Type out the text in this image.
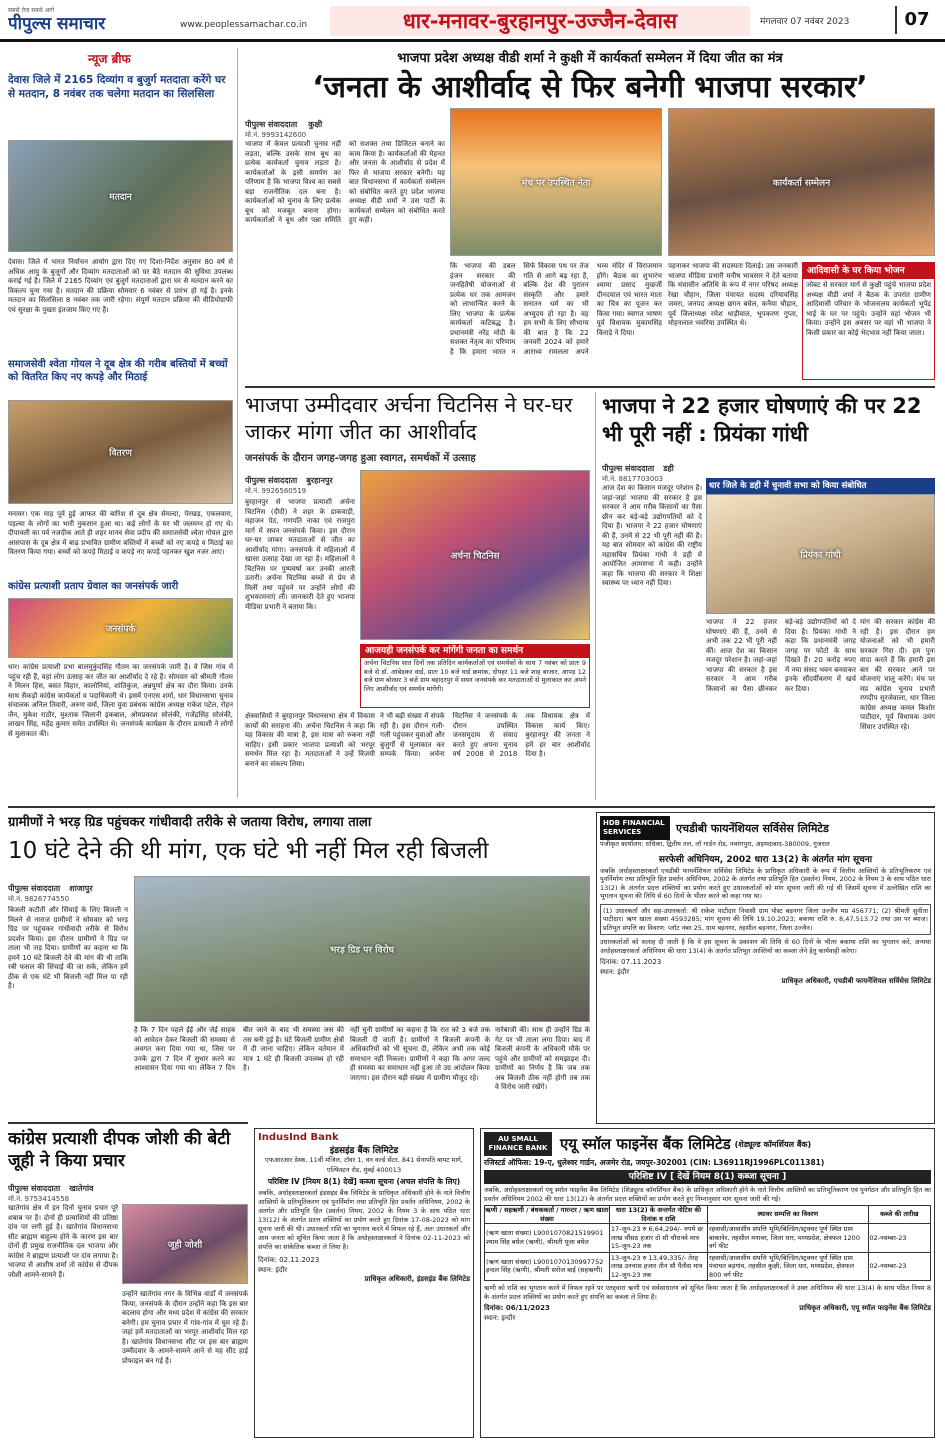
सबसे तेज सबसे आगे
पीपुल्स समाचार	www.peoplessamachar.co.in	धार-मनावर-बुरहानपुर-उज्जैन-देवास	मंगलवार 07 नवंबर 2023	07
न्यूज ब्रीफ
देवास जिले में 2165 दिव्यांग व बुजुर्ग मतदाता करेंगे घर से मतदान, 8 नवंबर तक चलेगा मतदान का सिलसिला
मतदान
देवास। जिले में भारत निर्वाचन आयोग द्वारा दिए गए दिशा-निर्देश अनुसार 80 वर्ष से अधिक आयु के बुजुर्गों और दिव्यांग मतदाताओं को घर बैठे मतदान की सुविधा उपलब्ध कराई गई है। जिले में 2165 दिव्यांग एवं बुजुर्ग मतदाताओं द्वारा घर से मतदान करने का विकल्प चुना गया है। मतदान की प्रक्रिया सोमवार 6 नवंबर से प्रारंभ हो गई है। इनके मतदान का सिलसिला 8 नवंबर तक जारी रहेगा। संपूर्ण मतदान प्रक्रिया की वीडियोग्राफी एवं सुरक्षा के पुख्ता इंतजाम किए गए हैं।
समाजसेवी श्वेता गोयल ने दूब क्षेत्र की गरीब बस्तियों में बच्चों को वितरित किए नए कपड़े और मिठाई
वितरण
मनावर। एक माह पूर्व हुई आफत की बारिश से दूब क्षेत्र सेमल्दा, पेरखड़, एकलवारा, पड़ल्या के लोगों का भारी नुकसान हुआ था। कई लोगों के घर भी जलमग्न हो गए थे। दीपावली का पर्व नजदीक आते ही शहर मानव सेवा प्रदीप की समाजसेवी श्वेता गोयल द्वारा आसपास के दूब क्षेत्र में बाढ़ प्रभावित ग्रामीण बस्तियों में बच्चों को नए कपड़े व मिठाई का वितरण किया गया। बच्चों को कपड़े मिठाई व कपड़े नए कपड़े पहनकर खुश नजर आए।
कांग्रेस प्रत्याशी प्रताप ग्रेवाल का जनसंपर्क जारी
जनसंपर्क
धार। कांग्रेस प्रत्याशी प्रभा बालमुकुंदसिंह गौतम का जनसंपर्क जारी है। वे जिस गांव में पहुंच रही हैं, वहां लोग उत्साह कर जीत का आशीर्वाद दे रहे हैं। सोमवार को श्रीमती गौतम ने मिलन हिस, बसंत विहार, कालोनियां, शांतिकुंज, अन्नपूर्णा क्षेत्र का दौरा किया। उनके साथ सैकड़ों कांग्रेस कार्यकर्ता व पदाधिकारी थे। इसमें एनएस शर्मा, धार विधानसभा चुनाव संचालक अनिल तिवारी, अरुण वर्मा, जिला युवा प्रबंधक कांग्रेस अध्यक्ष राकेश पटेल, रोहन जैन, मुकेश राठौर, मुश्ताक जिलानी इकबाल, ओमप्रकाश सोलंकी, गजेंद्रसिंह सोलंकी, लाखन सिंह, महेंद्र कुमार समेत उपस्थित थे। जनसंपर्क कार्यक्रम के दौरान प्रत्याशी ने लोगों से मुलाकात की।
भाजपा प्रदेश अध्यक्ष वीडी शर्मा ने कुक्षी में कार्यकर्ता सम्मेलन में दिया जीत का मंत्र
‘जनता के आशीर्वाद से फिर बनेगी भाजपा सरकार’
पीपुल्स संवाददाता कुक्षी
मो.नं. 9993142600
भाजपा में केवल प्रत्याशी चुनाव नहीं लड़ता, बल्कि उसके साथ बूथ का प्रत्येक कार्यकर्ता चुनाव लड़ता है। कार्यकर्ताओं के इसी समर्पण का परिणाम है कि भाजपा विश्व का सबसे बड़ा राजनीतिक दल बना है। कार्यकर्ताओं को चुनाव के लिए प्रत्येक बूथ को मजबूत बनाना होगा। कार्यकर्ताओं ने बूथ और पन्ना समिति को सशक्त तथा डिजिटल बनाने का काम किया है। कार्यकर्ताओं की मेहनत और जनता के आशीर्वाद से प्रदेश में फिर से भाजपा सरकार बनेगी। यह बात विधानसभा में कार्यकर्ता सम्मेलन को संबोधित करते हुए प्रदेश भाजपा अध्यक्ष वीडी शर्मा ने उस पार्टी के कार्यकर्ता सम्मेलन को संबोधित करते हुए कही।
मंच पर उपस्थित नेता	कार्यकर्ता सम्मेलन
कि भाजपा की डबल इंजन सरकार की जनहितैषी योजनाओं से प्रत्येक घर तक आमजन को लाभान्वित करने के लिए भाजपा के प्रत्येक कार्यकर्ता कटिबद्ध है। प्रधानमंत्री नरेंद्र मोदी के सशक्त नेतृत्व का परिणाम है कि हमारा भारत न सिर्फ विकास पथ पर तेज गति से आगे बढ़ रहा है, बल्कि देश की पुरातन संस्कृति और हमारे सनातन धर्म का भी अभ्युदय हो रहा है। वह हम सभी के लिए सौभाग्य की बात है कि 22 जनवरी 2024 को हमारे आराध्य रामलला अपने भव्य मंदिर में विराजमान होंगे। बैठक का शुभारंभ श्यामा प्रसाद मुखर्जी दीनदयाल एवं भारत माता का चित्र का पूजन कर किया गया। स्वागत भाषण पूर्व विधायक मुकामसिंह किराड़े ने दिया।
पहनाकर भाजपा की सदस्यता दिलाई। उस जनकारी भाजपा मीडिया प्रभारी मनीष भावसार ने देते बताया कि मंचासीन अतिथि के रूप में नगर परिषद अध्यक्ष रेखा चौहान, जिला पंचायत सदस्य दरियावसिंह जमरा, जनपद अध्यक्ष छगन बघेल, कनैया चौहान, पूर्व जिलाध्यक्ष रमेश धाड़ीवाल, भूपकरण गुप्ता, मोहनलाल भवरिया उपस्थित थे।
आदिवासी के घर किया भोजन
जोबट से सरकार मार्ग से कुक्षी पहुंचे भाजपा प्रदेश अध्यक्ष वीडी शर्मा ने बैठक के उपरांत ग्रामीण आदिवासी परिवार के भोजनालय कार्यकर्ता भूपेंद्र भाई के घर पर पहुंचे। उन्होंने वहां भोजन भी किया। उन्होंने इस अवसर पर वहां भी भाजपा ने किसी प्रकार का कोई भेदभाव नहीं किया जाता।
भाजपा उम्मीदवार अर्चना चिटनिस ने घर-घर जाकर मांगा जीत का आशीर्वाद
जनसंपर्क के दौरान जगह-जगह हुआ स्वागत, समर्थकों में उत्साह
पीपुल्स संवाददाता बुरहानपुर
मो.नं. 9926560519
बुरहानपुर से भाजपा प्रत्याशी अर्चना चिटनिस (दीदी) ने शहर के डाकवाड़ी, महाजन पेठ, गणपति नाका एवं राजपुरा मार्ग में सघन जनसंपर्क किया। इस दौरान घर-घर जाकर मतदाताओं से जीत का आशीर्वाद मांगा। जनसंपर्क में महिलाओं में खासा उत्साह देखा जा रहा है। महिलाओं ने चिटनिस पर पुष्पवर्षा कर उनकी आरती उतारी। अर्चना चिटनिस बच्चों से प्रेम से मिलीं तथा पहुंचने पर उन्होंने लोगों की शुभकामनाएं लीं। जानकारी देते हुए भाजपा मीडिया प्रभारी ने बताया कि।
अर्चना चिटनिस
आजयही जनसंपर्क कर मांगेंगी जनता का समर्थन
अर्चना चिटनिस सात दिनों तक प्रतिदिन कार्यकर्ताओं एवं समर्थकों के साथ 7 नवंबर को प्रातः 9 बजे से डॉ. आंबेडकर वार्ड, प्रातः 10 बजे वार्ड क्रमांक, दोपहर 11 बजे शाह बाजार, आपड़ 12 बजे ग्राम बोरसर 3 बजे ग्राम बहादरपुर में सघन जनसंपर्क कर मतदाताओं से मुलाकात कर अपने लिए आशीर्वाद एवं समर्थन मांगेंगी।
क्षेत्रवासियों ने बुरहानपुर विधानसभा क्षेत्र में विकास कार्यों की सराहना की। अर्चना चिटनिस ने कहा कि यह विकास की यात्रा है, इस यात्रा को रुकना नहीं चाहिए। इसी प्रकार भाजपा प्रत्याशी को भरपूर समर्थन मिल रहा है। मतदाताओं ने उन्हें विजयी बनाने का संकल्प लिया।
ने भी बढ़ी संख्या में संपर्क रही है। इस दौरान गली-गली पहुंचकर युवाओं और बुजुर्गों से मुलाकात कर सम्पर्क किया। अर्चना चिटनिस ने जनसंपर्क के दौरान उपस्थित जनसमुदाय से संवाद करते हुए अपना चुनाव वर्ष 2008 से 2018 तक विधायक क्षेत्र में विकास कार्य किए। बुरहानपुर की जनता ने हमें हर बार आशीर्वाद दिया है।
भाजपा ने 22 हजार घोषणाएं की पर 22 भी पूरी नहीं : प्रियंका गांधी
पीपुल्स संवाददाता डही
मो.नं. 8817703003
आज देश का किसान मजदूर परेशान है। जहां-जहां भाजपा की सरकार है इस सरकार ने आम गरीब किसानों का पैसा छीन कर बड़े-बड़े उद्योगपतियों को दे दिया है। भाजपा ने 22 हजार घोषणाएं की हैं, उनमें से 22 भी पूरी नहीं की हैं। यह बात सोमवार को कांग्रेस की राष्ट्रीय महासचिव प्रियंका गांधी ने डही में आयोजित आमसभा में कही। उन्होंने कहा कि भाजपा की सरकार ने शिक्षा स्वास्थ्य पर ध्यान नहीं दिया।
धार जिले के डही में चुनावी सभा को किया संबोधित
प्रियंका गांधी
भाजपा ने 22 हजार घोषणाएं की हैं, उनमें से अभी तक 22 भी पूरी नहीं कीं। आज देश का किसान मजदूर परेशान है। जहां-जहां भाजपा की सरकार है इस सरकार ने आम गरीब किसानों का पैसा छीनकर बड़े-बड़े उद्योगपतियों को दे दिया है। प्रियंका गांधी ने कहा कि प्रधानमंत्री जगह जगह पर फोटो के साथ दिखते हैं। 20 करोड़ रुपए में नया संसद भवन बनवाकर इनके सौंदर्यीकरण में खर्च कर दिया।
मांग की सरकार कांग्रेस की रही है। इस दौरान हम योजनाओं को भी हमारी सरकार गिरा दी। हम पुनः वादा करते हैं कि हमारी इस बार की सरकार आने पर योजनाएं चालू करेंगे। मंच पर मप्र कांग्रेस चुनाव प्रभारी रणदीप सुरजेवाला, धार जिला कांग्रेस अध्यक्ष कमल किशोर पाटीदार, पूर्व विधायक उमंग सिंघार उपस्थित रहे।
ग्रामीणों ने भरड़ ग्रिड पहुंचकर गांधीवादी तरीके से जताया विरोध, लगाया ताला
10 घंटे देने की थी मांग, एक घंटे भी नहीं मिल रही बिजली
पीपुल्स संवाददाता शाजापुर
मो.नं. 9826774550
बिजली कटौती और सिंचाई के लिए बिजली न मिलने से नाराज ग्रामीणों ने सोमवार को भरड़ ग्रिड पर पहुंचकर गांधीवादी तरीके से विरोध प्रदर्शन किया। इस दौरान ग्रामीणों ने ग्रिड पर ताला भी जड़ दिया। ग्रामीणों का कहना था कि हमने 10 घंटे बिजली देने की मांग की थी ताकि रबी फसल की सिंचाई की जा सके, लेकिन हमें ठीक से एक घंटे भी बिजली नहीं मिल पा रही है।
भरड़ ग्रिड पर विरोध
है कि 7 दिन पहले ईई और जेई साहब को आवेदन देकर बिजली की समस्या से अवगत करा दिया गया था, जिस पर उनके द्वारा 7 दिन में सुधार करने का आश्वासन दिया गया था। लेकिन 7 दिन बीत जाने के बाद भी समस्या जस की तस बनी हुई है। घंटे बिजली ग्रामीण क्षेत्रों में दी जाना चाहिए। लेकिन वर्तमान में मात्र 1 घंटे ही बिजली उपलब्ध हो रही है।
नहीं चुनी ग्रामीणों का कहना है कि रात को 3 बजे तक बिजली दी जाती है। ग्रामीणों ने बिजली कंपनी के अधिकारियों को भी सूचना दी, लेकिन अभी तक कोई समाधान नहीं निकला। ग्रामीणों ने कहा कि अगर जल्द ही समस्या का समाधान नहीं हुआ तो उग्र आंदोलन किया जाएगा। इस दौरान बड़ी संख्या में ग्रामीण मौजूद रहे।
नारेबाजी की। साथ ही उन्होंने ग्रिड के गेट पर भी ताला लगा दिया। बाद में बिजली कंपनी के अधिकारी मौके पर पहुंचे और ग्रामीणों को समझाइश दी। ग्रामीणों का निर्णय है कि जब तक अब बिजली ठीक नहीं होगी तब तक वे विरोध जारी रखेंगे।
कांग्रेस प्रत्याशी दीपक जोशी की बेटी जूही ने किया प्रचार
पीपुल्स संवाददाता खातेगांव
मो.नं. 9753414558
खातेगांव क्षेत्र में इन दिनों चुनाव प्रचार पूरे शबाब पर है। दोनों ही प्रत्याशियों की प्रतिष्ठा दांव पर लगी हुई है। खातेगांव विधानसभा सीट ब्राह्मण बाहुल्य होने के कारण इस बार दोनों ही प्रमुख राजनीतिक दल भाजपा और कांग्रेस ने ब्राह्मण प्रत्याशी पर दांव लगाया है। भाजपा से आशीष शर्मा तो कांग्रेस से दीपक जोशी आमने-सामने हैं।
जूही जोशी
उन्होंने खातेगांव नगर के विभिन्न वार्डों में जनसंपर्क किया, जनसंपर्क के दौरान उन्होंने कहा कि इस बार बदलाव होगा और मध्य प्रदेश में कांग्रेस की सरकार बनेगी। हम चुनाव प्रचार में गांव-गांव में घूम रहे हैं। जहां हमें मतदाताओं का भरपूर आशीर्वाद मिल रहा है। खातेगांव विधानसभा सीट पर इस बार ब्राह्मण उम्मीदवार के आमने-सामने आने से यह सीट हाई प्रोफाइल बन गई है।
IndusInd Bank
इंडसइंड बैंक लिमिटेड
एफआरआर डेस्क, 11वीं मंजिल, टॉवर 1, वन वर्ल्ड सेंटर, 841 सेनापति बापट मार्ग, एल्फिंस्टन रोड, मुंबई 400013
परिशिष्ट IV [नियम 8(1) देखें] कब्जा सूचना (अचल संपत्ति के लिए)
जबकि, अधोहस्ताक्षरकर्ता इंडसइंड बैंक लिमिटेड के प्राधिकृत अधिकारी होने के नाते वित्तीय आस्तियों के प्रतिभूतिकरण एवं पुनर्निर्माण तथा प्रतिभूति हित प्रवर्तन अधिनियम, 2002 के अंतर्गत और प्रतिभूति हित (प्रवर्तन) नियम, 2002 के नियम 3 के साथ पठित धारा 13(12) के अंतर्गत प्रदत्त शक्तियों का प्रयोग करते हुए दिनांक 17-08-2023 को मांग सूचना जारी की थी। उधारकर्ता राशि का भुगतान करने में विफल रहे हैं, अतः उधारकर्ता और आम जनता को सूचित किया जाता है कि अधोहस्ताक्षरकर्ता ने दिनांक 02-11-2023 को संपत्ति का सांकेतिक कब्जा ले लिया है।
दिनांक: 02.11.2023
स्थान: इंदौर
प्राधिकृत अधिकारी, इंडसइंड बैंक लिमिटेड
HDB FINANCIAL SERVICES	एचडीबी फायनेंशियल सर्विसेस लिमिटेड
पंजीकृत कार्यालय: राधिका, द्वितीय तल, लॉ गार्डन रोड, नवरंगपुरा, अहमदाबाद-380009, गुजरात
सरफेसी अधिनियम, 2002 धारा 13(2) के अंतर्गत मांग सूचना
जबकि अधोहस्ताक्षरकर्ता एचडीबी फायनेंशियल सर्विसेस लिमिटेड के प्राधिकृत अधिकारी के रूप में वित्तीय आस्तियों के प्रतिभूतिकरण एवं पुनर्निर्माण तथा प्रतिभूति हित प्रवर्तन अधिनियम, 2002 के अंतर्गत तथा प्रतिभूति हित (प्रवर्तन) नियम, 2002 के नियम 3 के साथ पठित धारा 13(2) के अंतर्गत प्रदत्त शक्तियों का प्रयोग करते हुए उधारकर्ताओं को मांग सूचना जारी की गई थी जिसमें सूचना में उल्लेखित राशि का भुगतान सूचना की तिथि से 60 दिनों के भीतर करने को कहा गया था।
(1) उधारकर्ता और सह-उधारकर्ता: श्री राकेश पाटीदार निवासी ग्राम पोस्ट बड़नगर जिला उज्जैन मप्र 456771; (2) श्रीमती सुनीता पाटीदार। ऋण खाता संख्या 4593285; मांग सूचना की तिथि 19.10.2023; बकाया राशि रु. 8,47,513.72 तथा उस पर ब्याज। प्रतिभूत संपत्ति का विवरण: प्लॉट नंबर 25, ग्राम बड़नगर, तहसील बड़नगर, जिला उज्जैन।
उधारकर्ताओं को सलाह दी जाती है कि वे इस सूचना के प्रकाशन की तिथि से 60 दिनों के भीतर बकाया राशि का भुगतान करें, अन्यथा अधोहस्ताक्षरकर्ता अधिनियम की धारा 13(4) के अंतर्गत प्रतिभूत आस्तियों का कब्जा लेने हेतु कार्यवाही करेगा।
दिनांक: 07.11.2023
स्थान: इंदौर
प्राधिकृत अधिकारी, एचडीबी फायनेंशियल सर्विसेस लिमिटेड
AU SMALL FINANCE BANK एयू स्मॉल फाइनेंस बैंक लिमिटेड (शेड्यूल्ड कॉमर्शियल बैंक)
रजिस्टर्ड ऑफिस: 19-ए, धुलेश्वर गार्डन, अजमेर रोड, जयपुर-302001 (CIN: L36911RJ1996PLC011381)
परिशिष्ट IV [ देखें नियम 8(1) कब्जा सूचना ]
जबकि, अधोहस्ताक्षरकर्ता एयू स्मॉल फाइनेंस बैंक लिमिटेड (शिड्यूल्ड कॉमर्शियल बैंक) के प्राधिकृत अधिकारी होने के नाते वित्तीय आस्तियों का प्रतिभूतिकरण एवं पुनर्गठन और प्रतिभूति हित का प्रवर्तन अधिनियम 2002 की धारा 13(12) के अंतर्गत प्रदत्त शक्तियों का प्रयोग करते हुए निम्नानुसार मांग सूचना जारी की गई।
ऋणी / सहऋणी / बंधककर्ता / गारन्टर / ऋण खाता संख्या	धारा 13(2) के अन्तर्गत नोटिस की दिनांक व राशि	स्थावर सम्पत्ति का विवरण	कब्जे की तारीख
(ऋण खाता संख्या) L9001070821519901 श्याम सिंह बघेल (ऋणी), श्रीमती पूजा बघेल	17-जून-23 रु 6,64,294/- रुपये छः लाख चौंसठ हजार दो सौ चौरानवे मात्र 15-जून-23 तक	रहवासी/आवासीय संपत्ति भूमि/बिल्डिंग/स्ट्रक्चर पूर्ण स्थित ग्राम बाकानेर, तहसील मनावर, जिला धार, मध्यप्रदेश, क्षेत्रफल 1200 वर्ग फीट	02-नवम्बर-23
(ऋण खाता संख्या) L9001070130997752 इन्दल सिंह (ऋणी), श्रीमती सरोज बाई (सहऋणी)	13-जून-23 रु 13,49,335/- तेरह लाख उनचास हजार तीन सौ पैंतीस मात्र 12-जून-23 तक	रहवासी/आवासीय संपत्ति भूमि/बिल्डिंग/स्ट्रक्चर पूर्ण स्थित ग्राम पंचायत बड़गांव, तहसील कुक्षी, जिला धार, मध्यप्रदेश, क्षेत्रफल 800 वर्ग फीट	02-नवम्बर-23
ऋणी को राशि का भुगतान करने में विफल रहने पर एतद्द्वारा ऋणी एवं सर्वसाधारण को सूचित किया जाता है कि अधोहस्ताक्षरकर्ता ने उक्त अधिनियम की धारा 13(4) के साथ पठित नियम 8 के अंतर्गत प्रदत्त शक्तियों का प्रयोग करते हुए संपत्ति का कब्जा ले लिया है।
दिनांक: 06/11/2023
स्थान: इन्दौर
प्राधिकृत अधिकारी, एयू स्मॉल फाइनेंस बैंक लिमिटेड
